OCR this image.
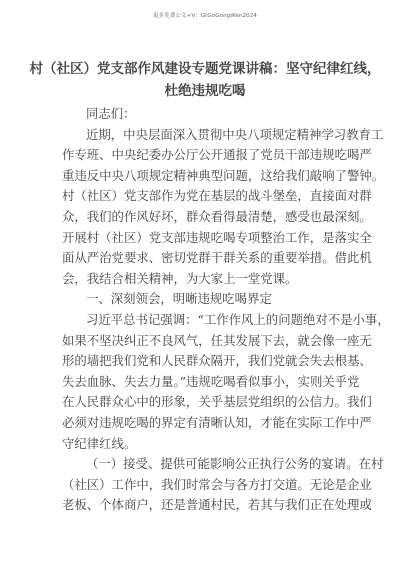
更多免费公文+V：GtGoGongWen2024
村（社区）党支部作风建设专题党课讲稿：坚守纪律红线，
杜绝违规吃喝
同志们：
近期，中央层面深入贯彻中央八项规定精神学习教育工
作专班、中央纪委办公厅公开通报了党员干部违规吃喝严
重违反中央八项规定精神典型问题，这给我们敲响了警钟。
村（社区）党支部作为党在基层的战斗堡垒，直接面对群
众，我们的作风好坏，群众看得最清楚，感受也最深刻。
开展村（社区）党支部违规吃喝专项整治工作，是落实全
面从严治党要求、密切党群干群关系的重要举措。借此机
会，我结合相关精神，为大家上一堂党课。
一、深刻领会，明晰违规吃喝界定
习近平总书记强调：“工作作风上的问题绝对不是小事，
如果不坚决纠正不良风气，任其发展下去，就会像一座无
形的墙把我们党和人民群众隔开，我们党就会失去根基、
失去血脉、失去力量。”违规吃喝看似事小，实则关乎党
在人民群众心中的形象，关乎基层党组织的公信力。我们
必须对违规吃喝的界定有清晰认知，才能在实际工作中严
守纪律红线。
（一）接受、提供可能影响公正执行公务的宴请。在村
（社区）工作中，我们时常会与各方打交道。无论是企业
老板、个体商户，还是普通村民，若其与我们正在处理或
